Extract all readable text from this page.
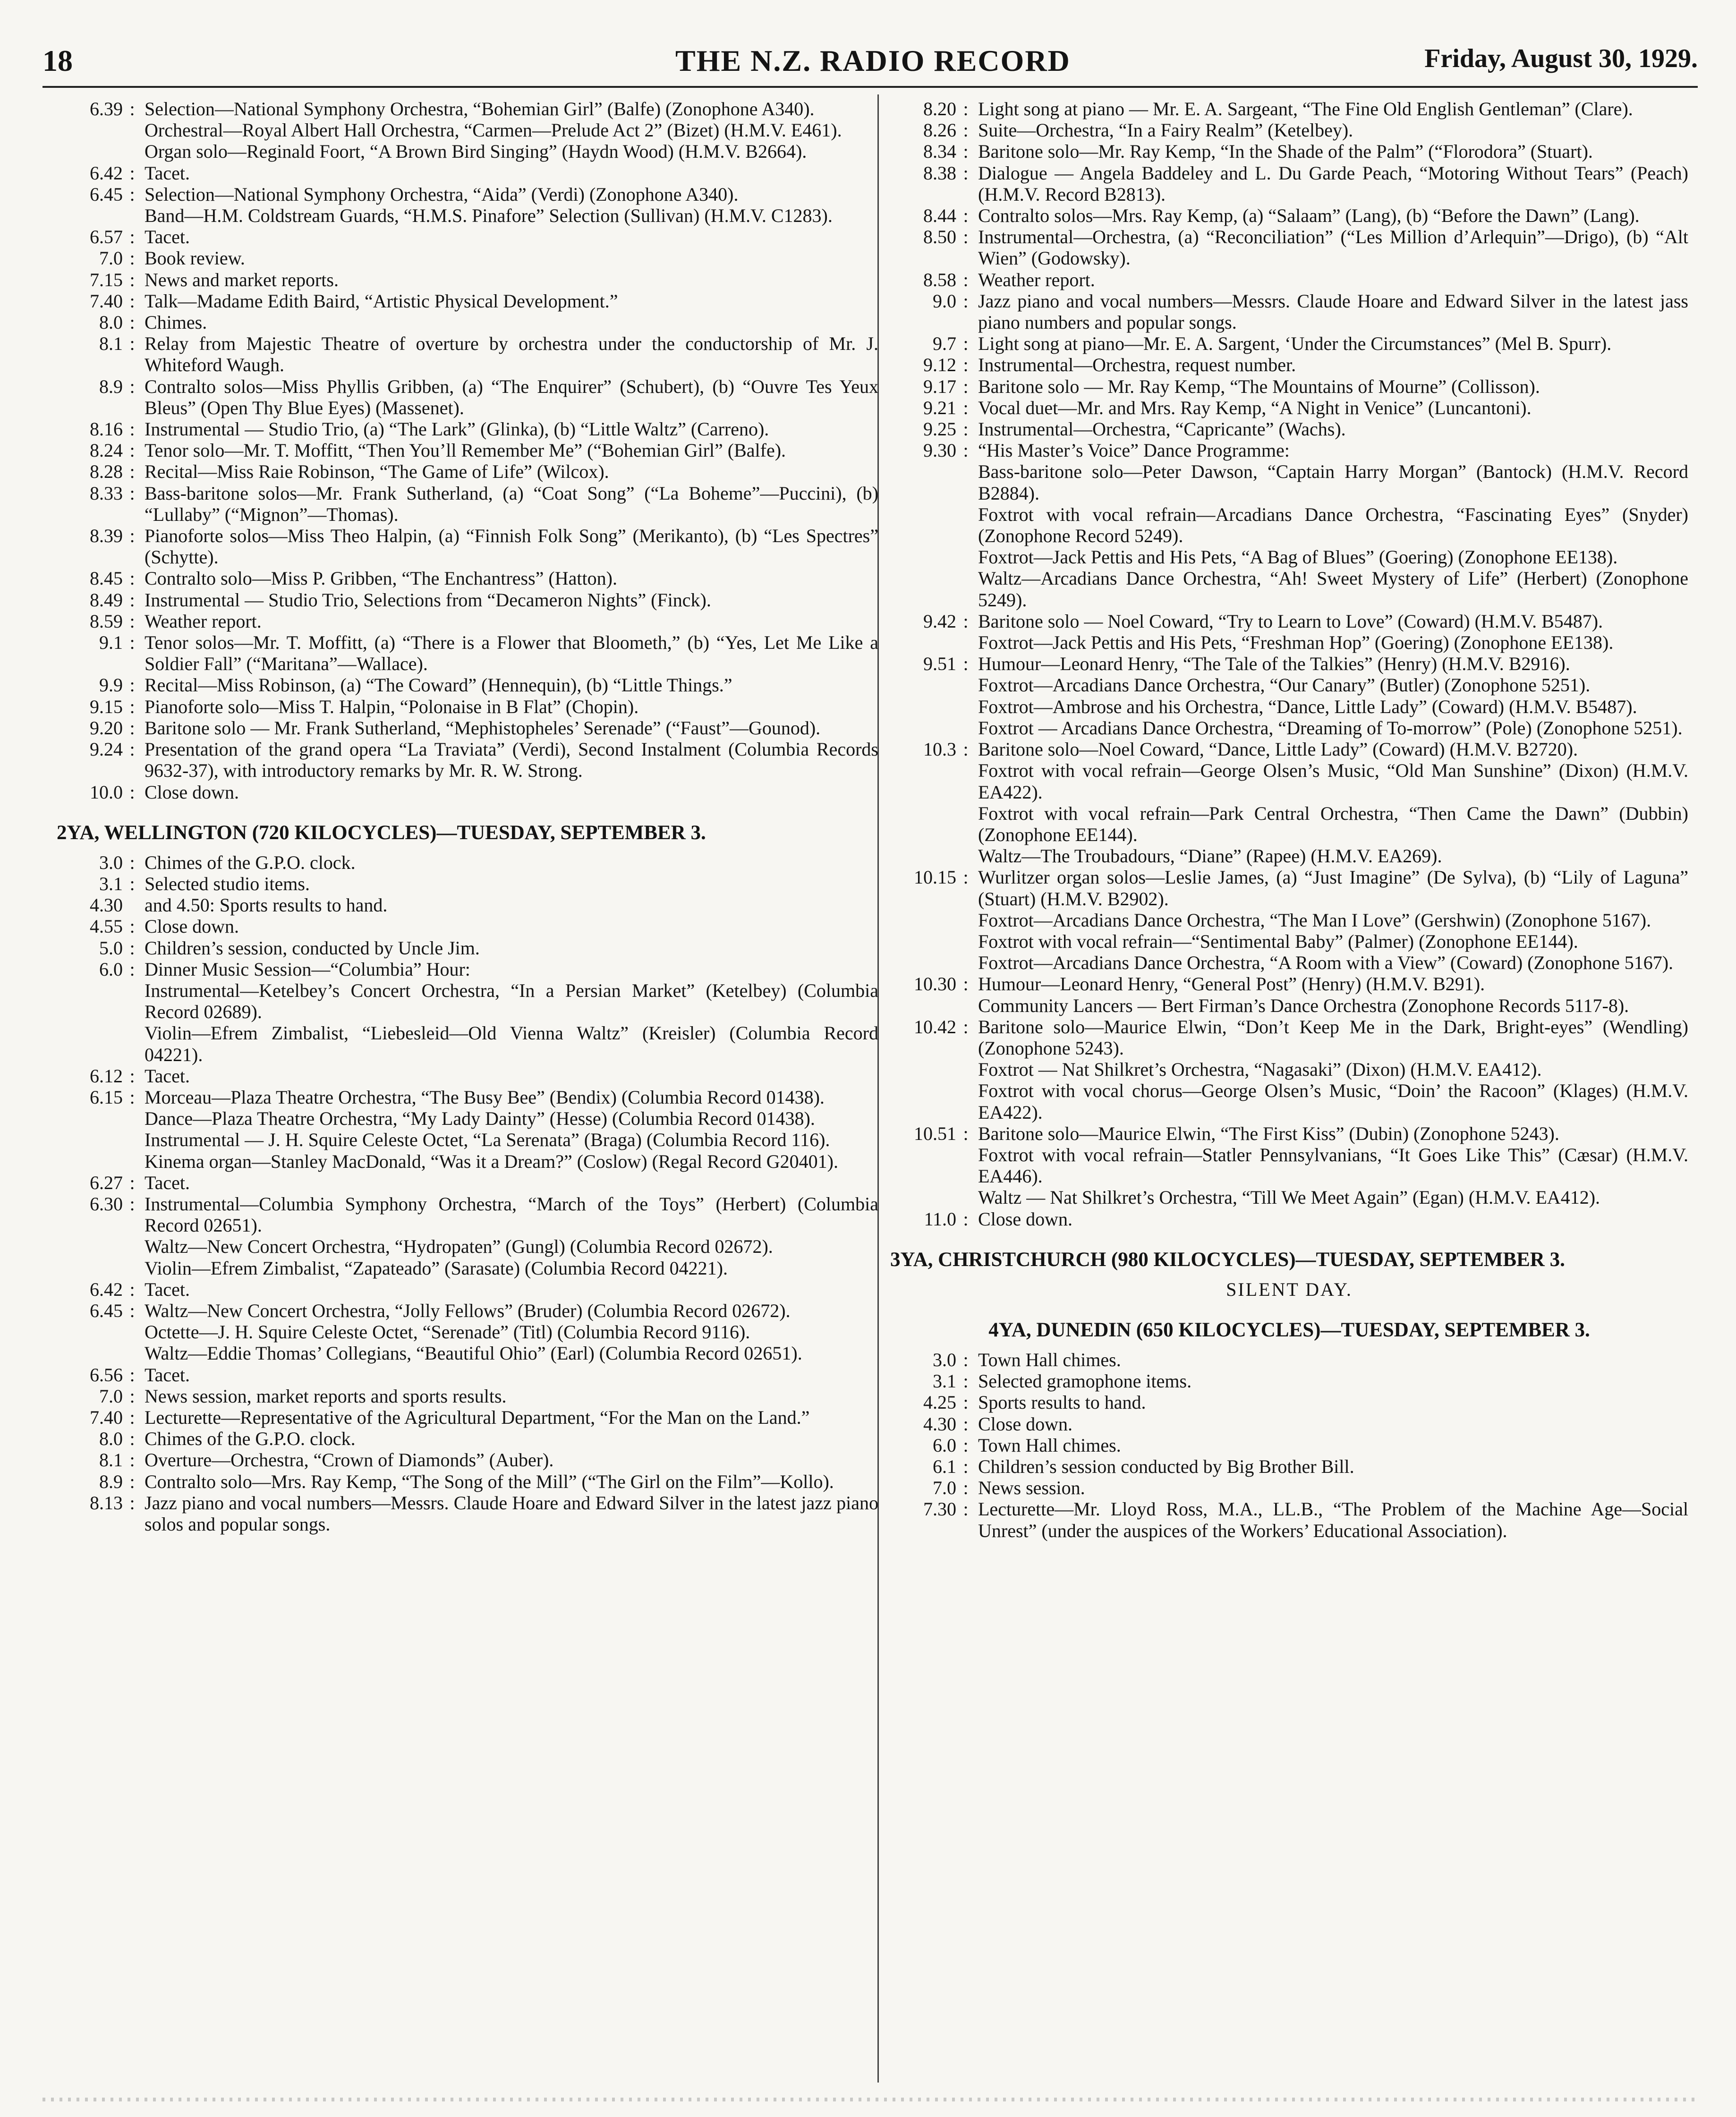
18	THE N.Z. RADIO RECORD	Friday, August 30, 1929.
6.39 : Selection—National Symphony Orchestra, “Bohemian Girl” (Balfe) (Zonophone A340).
Orchestral—Royal Albert Hall Orchestra, “Carmen—Prelude Act 2” (Bizet) (H.M.V. E461).
Organ solo—Reginald Foort, “A Brown Bird Singing” (Haydn Wood) (H.M.V. B2664).
6.42 : Tacet.
6.45 : Selection—National Symphony Orchestra, “Aida” (Verdi) (Zonophone A340).
Band—H.M. Coldstream Guards, “H.M.S. Pinafore” Selection (Sullivan) (H.M.V. C1283).
6.57 : Tacet.
7.0 : Book review.
7.15 : News and market reports.
7.40 : Talk—Madame Edith Baird, “Artistic Physical Development.”
8.0 : Chimes.
8.1 : Relay from Majestic Theatre of overture by orchestra under the conductorship of Mr. J. Whiteford Waugh.
8.9 : Contralto solos—Miss Phyllis Gribben, (a) “The Enquirer” (Schubert), (b) “Ouvre Tes Yeux Bleus” (Open Thy Blue Eyes) (Massenet).
8.16 : Instrumental — Studio Trio, (a) “The Lark” (Glinka), (b) “Little Waltz” (Carreno).
8.24 : Tenor solo—Mr. T. Moffitt, “Then You’ll Remember Me” (“Bohemian Girl” (Balfe).
8.28 : Recital—Miss Raie Robinson, “The Game of Life” (Wilcox).
8.33 : Bass-baritone solos—Mr. Frank Sutherland, (a) “Coat Song” (“La Boheme”—Puccini), (b) “Lullaby” (“Mignon”—Thomas).
8.39 : Pianoforte solos—Miss Theo Halpin, (a) “Finnish Folk Song” (Merikanto), (b) “Les Spectres” (Schytte).
8.45 : Contralto solo—Miss P. Gribben, “The Enchantress” (Hatton).
8.49 : Instrumental — Studio Trio, Selections from “Decameron Nights” (Finck).
8.59 : Weather report.
9.1 : Tenor solos—Mr. T. Moffitt, (a) “There is a Flower that Bloometh,” (b) “Yes, Let Me Like a Soldier Fall” (“Maritana”—Wallace).
9.9 : Recital—Miss Robinson, (a) “The Coward” (Hennequin), (b) “Little Things.”
9.15 : Pianoforte solo—Miss T. Halpin, “Polonaise in B Flat” (Chopin).
9.20 : Baritone solo — Mr. Frank Sutherland, “Mephistopheles’ Serenade” (“Faust”—Gounod).
9.24 : Presentation of the grand opera “La Traviata” (Verdi), Second Instalment (Columbia Records 9632-37), with introductory remarks by Mr. R. W. Strong.
10.0 : Close down.
2YA, WELLINGTON (720 KILOCYCLES)—TUESDAY, SEPTEMBER 3.
3.0 : Chimes of the G.P.O. clock.
3.1 : Selected studio items.
4.30 and 4.50: Sports results to hand.
4.55 : Close down.
5.0 : Children’s session, conducted by Uncle Jim.
6.0 : Dinner Music Session—“Columbia” Hour:
Instrumental—Ketelbey’s Concert Orchestra, “In a Persian Market” (Ketelbey) (Columbia Record 02689).
Violin—Efrem Zimbalist, “Liebesleid—Old Vienna Waltz” (Kreisler) (Columbia Record 04221).
6.12 : Tacet.
6.15 : Morceau—Plaza Theatre Orchestra, “The Busy Bee” (Bendix) (Columbia Record 01438).
Dance—Plaza Theatre Orchestra, “My Lady Dainty” (Hesse) (Columbia Record 01438).
Instrumental — J. H. Squire Celeste Octet, “La Serenata” (Braga) (Columbia Record 116).
Kinema organ—Stanley MacDonald, “Was it a Dream?” (Coslow) (Regal Record G20401).
6.27 : Tacet.
6.30 : Instrumental—Columbia Symphony Orchestra, “March of the Toys” (Herbert) (Columbia Record 02651).
Waltz—New Concert Orchestra, “Hydropaten” (Gungl) (Columbia Record 02672).
Violin—Efrem Zimbalist, “Zapateado” (Sarasate) (Columbia Record 04221).
6.42 : Tacet.
6.45 : Waltz—New Concert Orchestra, “Jolly Fellows” (Bruder) (Columbia Record 02672).
Octette—J. H. Squire Celeste Octet, “Serenade” (Titl) (Columbia Record 9116).
Waltz—Eddie Thomas’ Collegians, “Beautiful Ohio” (Earl) (Columbia Record 02651).
6.56 : Tacet.
7.0 : News session, market reports and sports results.
7.40 : Lecturette—Representative of the Agricultural Department, “For the Man on the Land.”
8.0 : Chimes of the G.P.O. clock.
8.1 : Overture—Orchestra, “Crown of Diamonds” (Auber).
8.9 : Contralto solo—Mrs. Ray Kemp, “The Song of the Mill” (“The Girl on the Film”—Kollo).
8.13 : Jazz piano and vocal numbers—Messrs. Claude Hoare and Edward Silver in the latest jazz piano solos and popular songs.
8.20 : Light song at piano — Mr. E. A. Sargeant, “The Fine Old English Gentleman” (Clare).
8.26 : Suite—Orchestra, “In a Fairy Realm” (Ketelbey).
8.34 : Baritone solo—Mr. Ray Kemp, “In the Shade of the Palm” (“Florodora” (Stuart).
8.38 : Dialogue — Angela Baddeley and L. Du Garde Peach, “Motoring Without Tears” (Peach) (H.M.V. Record B2813).
8.44 : Contralto solos—Mrs. Ray Kemp, (a) “Salaam” (Lang), (b) “Before the Dawn” (Lang).
8.50 : Instrumental—Orchestra, (a) “Reconciliation” (“Les Million d’Arlequin”—Drigo), (b) “Alt Wien” (Godowsky).
8.58 : Weather report.
9.0 : Jazz piano and vocal numbers—Messrs. Claude Hoare and Edward Silver in the latest jass piano numbers and popular songs.
9.7 : Light song at piano—Mr. E. A. Sargent, ‘Under the Circumstances” (Mel B. Spurr).
9.12 : Instrumental—Orchestra, request number.
9.17 : Baritone solo — Mr. Ray Kemp, “The Mountains of Mourne” (Collisson).
9.21 : Vocal duet—Mr. and Mrs. Ray Kemp, “A Night in Venice” (Luncantoni).
9.25 : Instrumental—Orchestra, “Capricante” (Wachs).
9.30 : “His Master’s Voice” Dance Programme:
Bass-baritone solo—Peter Dawson, “Captain Harry Morgan” (Bantock) (H.M.V. Record B2884).
Foxtrot with vocal refrain—Arcadians Dance Orchestra, “Fascinating Eyes” (Snyder) (Zonophone Record 5249).
Foxtrot—Jack Pettis and His Pets, “A Bag of Blues” (Goering) (Zonophone EE138).
Waltz—Arcadians Dance Orchestra, “Ah! Sweet Mystery of Life” (Herbert) (Zonophone 5249).
9.42 : Baritone solo — Noel Coward, “Try to Learn to Love” (Coward) (H.M.V. B5487).
Foxtrot—Jack Pettis and His Pets, “Freshman Hop” (Goering) (Zonophone EE138).
9.51 : Humour—Leonard Henry, “The Tale of the Talkies” (Henry) (H.M.V. B2916).
Foxtrot—Arcadians Dance Orchestra, “Our Canary” (Butler) (Zonophone 5251).
Foxtrot—Ambrose and his Orchestra, “Dance, Little Lady” (Coward) (H.M.V. B5487).
Foxtrot — Arcadians Dance Orchestra, “Dreaming of To-morrow” (Pole) (Zonophone 5251).
10.3 : Baritone solo—Noel Coward, “Dance, Little Lady” (Coward) (H.M.V. B2720).
Foxtrot with vocal refrain—George Olsen’s Music, “Old Man Sunshine” (Dixon) (H.M.V. EA422).
Foxtrot with vocal refrain—Park Central Orchestra, “Then Came the Dawn” (Dubbin) (Zonophone EE144).
Waltz—The Troubadours, “Diane” (Rapee) (H.M.V. EA269).
10.15 : Wurlitzer organ solos—Leslie James, (a) “Just Imagine” (De Sylva), (b) “Lily of Laguna” (Stuart) (H.M.V. B2902).
Foxtrot—Arcadians Dance Orchestra, “The Man I Love” (Gershwin) (Zonophone 5167).
Foxtrot with vocal refrain—“Sentimental Baby” (Palmer) (Zonophone EE144).
Foxtrot—Arcadians Dance Orchestra, “A Room with a View” (Coward) (Zonophone 5167).
10.30 : Humour—Leonard Henry, “General Post” (Henry) (H.M.V. B291).
Community Lancers — Bert Firman’s Dance Orchestra (Zonophone Records 5117-8).
10.42 : Baritone solo—Maurice Elwin, “Don’t Keep Me in the Dark, Bright-eyes” (Wendling) (Zonophone 5243).
Foxtrot — Nat Shilkret’s Orchestra, “Nagasaki” (Dixon) (H.M.V. EA412).
Foxtrot with vocal chorus—George Olsen’s Music, “Doin’ the Racoon” (Klages) (H.M.V. EA422).
10.51 : Baritone solo—Maurice Elwin, “The First Kiss” (Dubin) (Zonophone 5243).
Foxtrot with vocal refrain—Statler Pennsylvanians, “It Goes Like This” (Cæsar) (H.M.V. EA446).
Waltz — Nat Shilkret’s Orchestra, “Till We Meet Again” (Egan) (H.M.V. EA412).
11.0 : Close down.
3YA, CHRISTCHURCH (980 KILOCYCLES)—TUESDAY, SEPTEMBER 3.
SILENT DAY.
4YA, DUNEDIN (650 KILOCYCLES)—TUESDAY, SEPTEMBER 3.
3.0 : Town Hall chimes.
3.1 : Selected gramophone items.
4.25 : Sports results to hand.
4.30 : Close down.
6.0 : Town Hall chimes.
6.1 : Children’s session conducted by Big Brother Bill.
7.0 : News session.
7.30 : Lecturette—Mr. Lloyd Ross, M.A., LL.B., “The Problem of the Machine Age—Social Unrest” (under the auspices of the Workers’ Educational Association).
